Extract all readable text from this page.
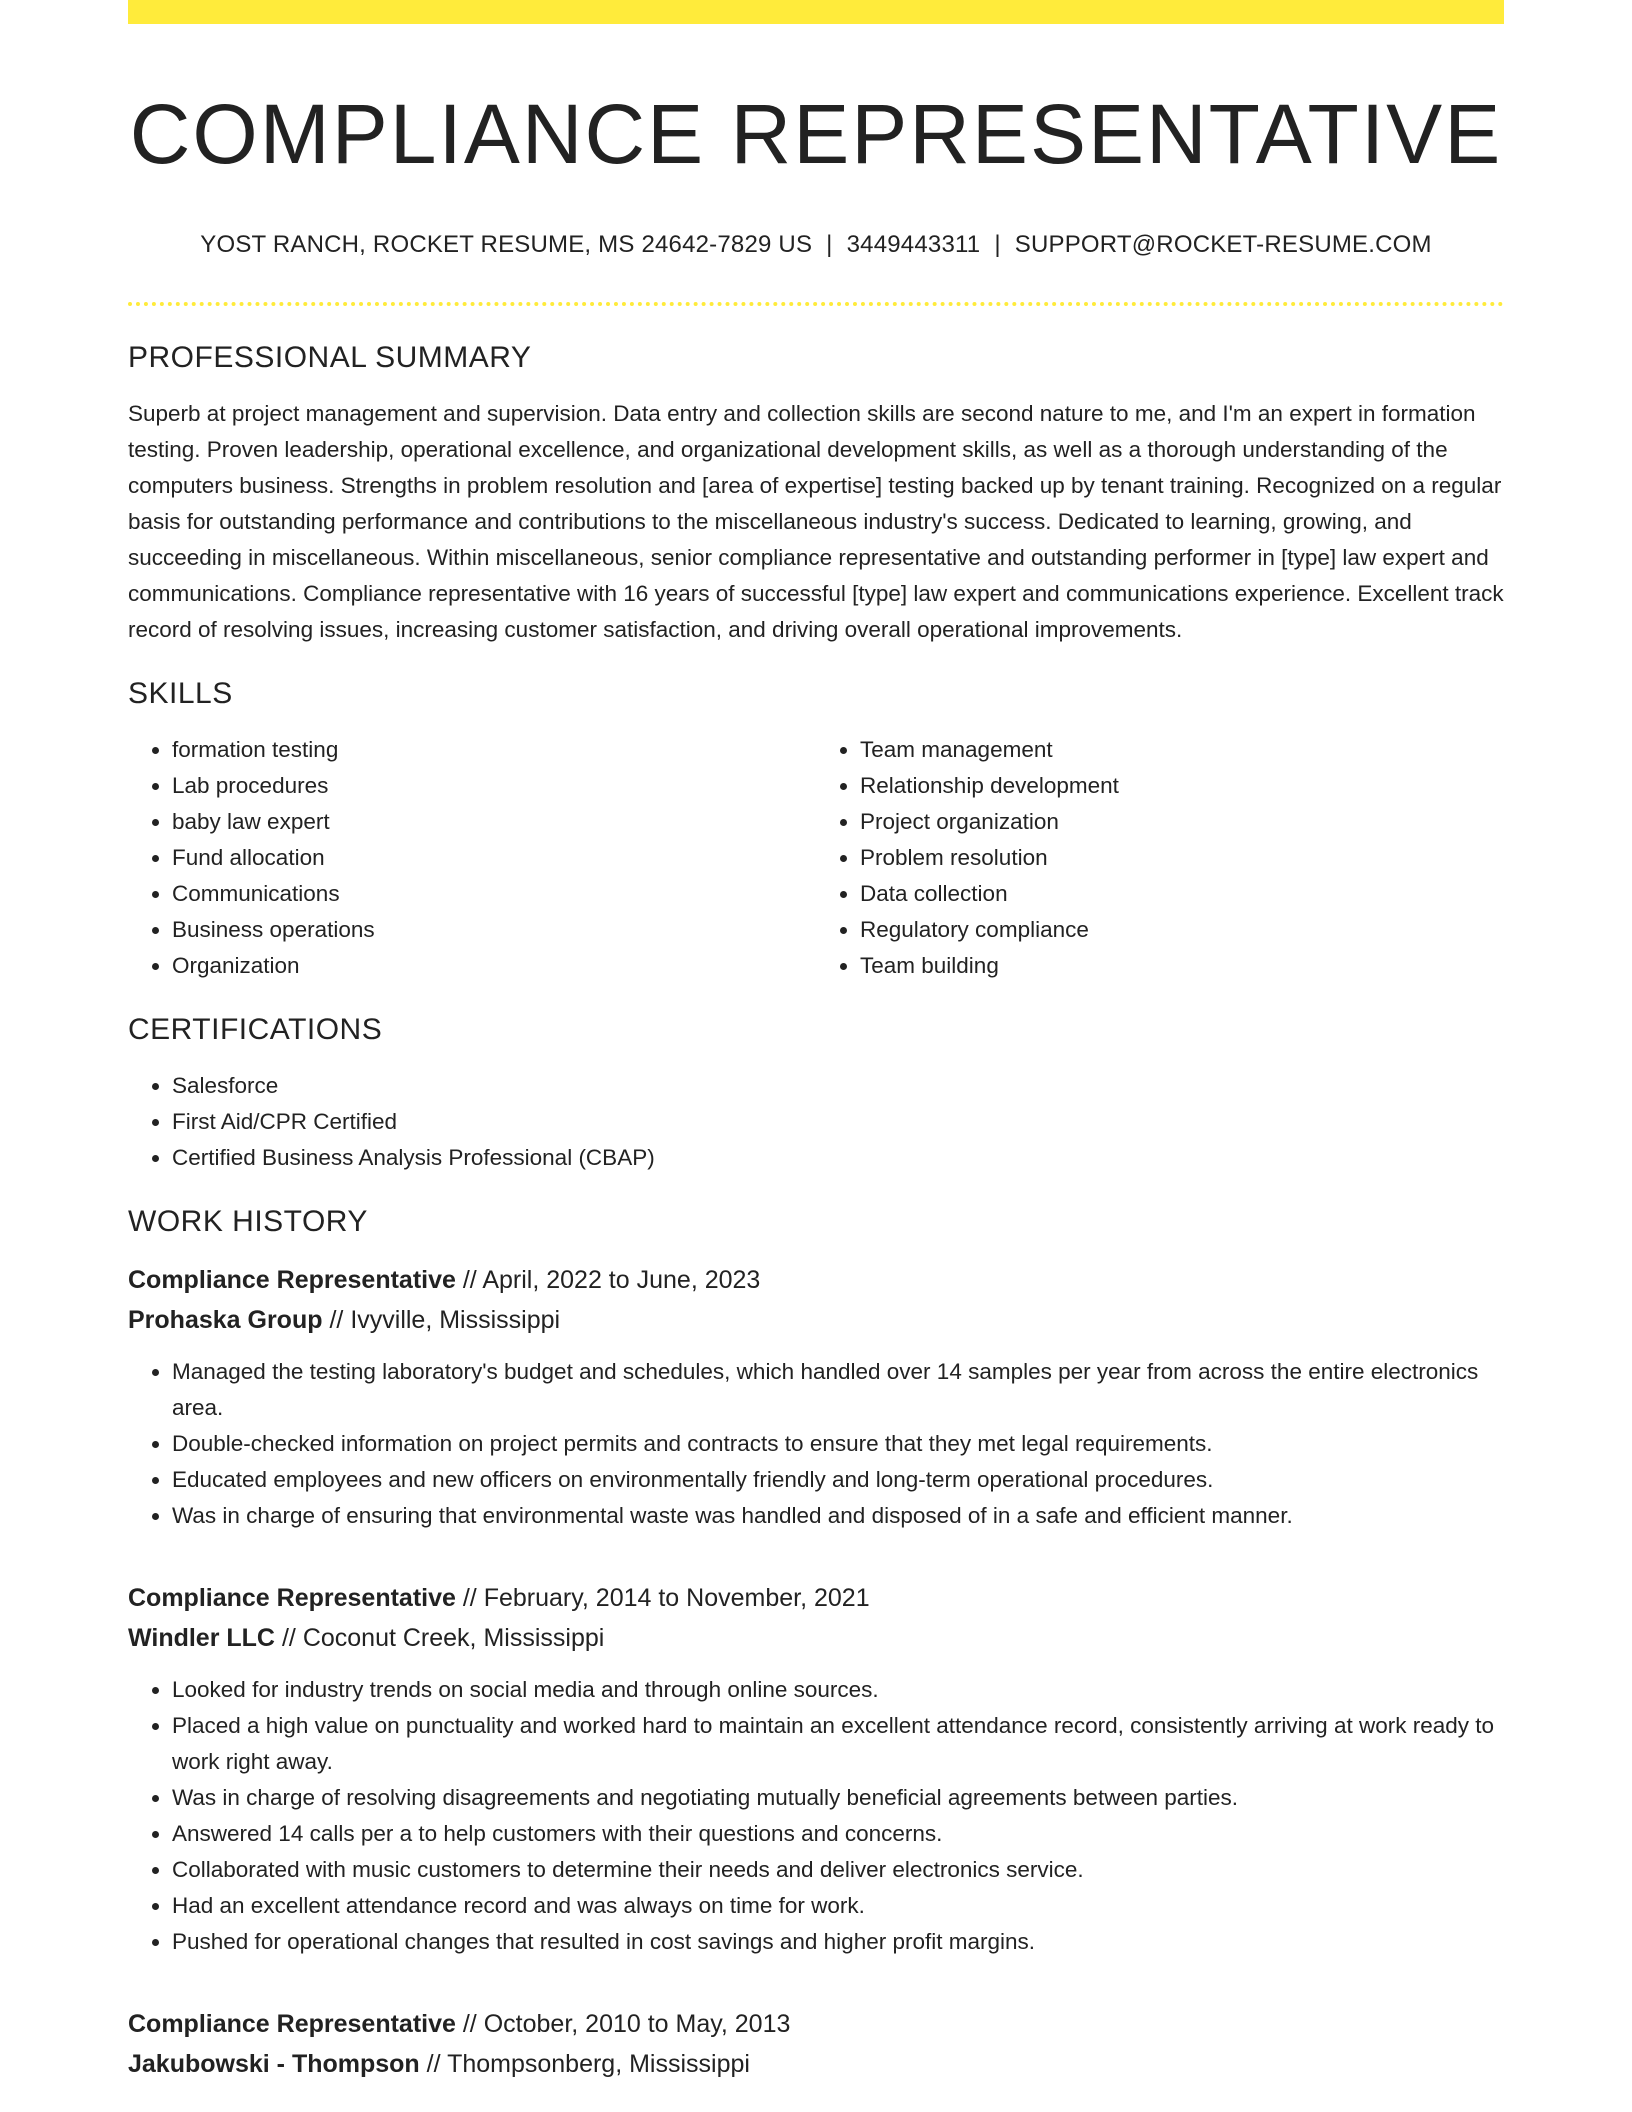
COMPLIANCE REPRESENTATIVE
YOST RANCH, ROCKET RESUME, MS 24642-7829 US | 3449443311 | SUPPORT@ROCKET-RESUME.COM
PROFESSIONAL SUMMARY

Superb at project management and supervision. Data entry and collection skills are second nature to me, and I'm an expert in formation testing. Proven leadership, operational excellence, and organizational development skills, as well as a thorough understanding of the computers business. Strengths in problem resolution and [area of expertise] testing backed up by tenant training. Recognized on a regular basis for outstanding performance and contributions to the miscellaneous industry's success. Dedicated to learning, growing, and succeeding in miscellaneous. Within miscellaneous, senior compliance representative and outstanding performer in [type] law expert and communications. Compliance representative with 16 years of successful [type] law expert and communications experience. Excellent track record of resolving issues, increasing customer satisfaction, and driving overall operational improvements.

SKILLS
• formation testing
• Lab procedures
• baby law expert
• Fund allocation
• Communications
• Business operations
• Organization
• Team management
• Relationship development
• Project organization
• Problem resolution
• Data collection
• Regulatory compliance
• Team building
CERTIFICATIONS
• Salesforce
• First Aid/CPR Certified
• Certified Business Analysis Professional (CBAP)
WORK HISTORY
Compliance Representative // April, 2022 to June, 2023
Prohaska Group // Ivyville, Mississippi
• Managed the testing laboratory's budget and schedules, which handled over 14 samples per year from across the entire electronics area.
• Double-checked information on project permits and contracts to ensure that they met legal requirements.
• Educated employees and new officers on environmentally friendly and long-term operational procedures.
• Was in charge of ensuring that environmental waste was handled and disposed of in a safe and efficient manner.
Compliance Representative // February, 2014 to November, 2021
Windler LLC // Coconut Creek, Mississippi
• Looked for industry trends on social media and through online sources.
• Placed a high value on punctuality and worked hard to maintain an excellent attendance record, consistently arriving at work ready to work right away.
• Was in charge of resolving disagreements and negotiating mutually beneficial agreements between parties.
• Answered 14 calls per a to help customers with their questions and concerns.
• Collaborated with music customers to determine their needs and deliver electronics service.
• Had an excellent attendance record and was always on time for work.
• Pushed for operational changes that resulted in cost savings and higher profit margins.
Compliance Representative // October, 2010 to May, 2013
Jakubowski - Thompson // Thompsonberg, Mississippi
